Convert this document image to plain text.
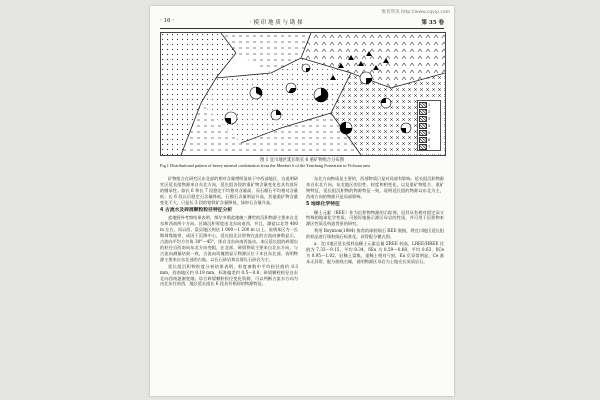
维普资讯 http://www.cqvip.com
· 16 ·	· 模 印 地 质 与 勘 探	第 35 卷
1
2
3
4
5
6
7
图 1 宜川地区延长组长 6 重矿物组合分布图
Fig.1 Distributional pattern of heavy mineral combination from the Member 6 of the Yanchang Formation in Yichuan area

矿物组合在研究区东北部的相对含量增明显低于中西部地区，这说明研究区延长组物源来自东北方向，延长组各段的重矿物含量变化也具有良好的继承性。如长 6 和长 7 段稳定不均相对含量高，而石榴石平均相对含量低；长 6 段以后稳定石含量降低，石榴石含量明显升高，其他重矿物含量变化不大，只是长 3 段的锆铁矿含量降低，绿帘石含量升高。

4 古流水及碎屑颗粒粒径特征分析

盆地野外考察结果表明，鄂尔多斯盆地晚三叠世的沉积物源主要来自北东和西南两个方向。区域沉积厚度由北东向南西，并且，湖盆以北等 400 m 左右，而以西，富县地区则达 1 000～1 200 m 以上，说明本区为一长期周缘地带，成因于沉降中心，延长组北区积物在此的古流向参数显示，古流向平均方位角 30°～45°，即自北东向南西流动。本区延长组的碎屑岩的粒径自西南向东北方向变粗，在北部，碎屑物质主要来自北东方向，与古流向测量结果一致，古流向玫瑰图显示物源区位于本区东北部，表明物源主要来自东北部的古陆，以长石砂岩和岩屑长石砂岩为主。

延长组沉积物粒度分析结果表明，粒度参数中平均粒径值约 0.3 mm，西南地区约 0.19 mm，标准偏差约 0.5～0.8，碎屑颗粒粒径自东北向西南逐渐变细。综合碎屑颗粒粒径变化资源，可以判断古流水方向为由北东往南西，地区延长组长 6 段具有相同的物源特征。

东北方向物质是主要的，西部物质只是对局部有影响。延长组沉积物源来自东北方向，东北地区的岩性、粒度和相变化，以及重矿物组合、重矿物特征，延长组沉积物的物源特征一致，说明延长组的物源以东北为主，西南方向的物源只是局部影响。

5 地球化学特征

稀土元素（REE）作为沉积物物源的示踪剂，因其具有相对稳定而又特殊的地球化学性质，可很好地指示源区母岩的性质，并可用于沉积物来源区性质及构造背景的研究。

利用 Boynton(1984) 推荐的球粒陨石 REE 数据，将宜川地区延长组的样品进行球粒陨石标准化，获得配分模式图。

a．宜川地区延长组样品稀土元素总量 ΣREE 较高，LREE/HREE 比值为 7.33～9.15，平均 8.34，δEu 为 0.59～0.68，平均 0.63，δCe 为 0.95～1.02，轻稀土富集，重稀土相对亏损，Eu 负异常明显，Ce 基本无异常，配分曲线右倾，说明物源区母岩为上地壳长英质岩石。
